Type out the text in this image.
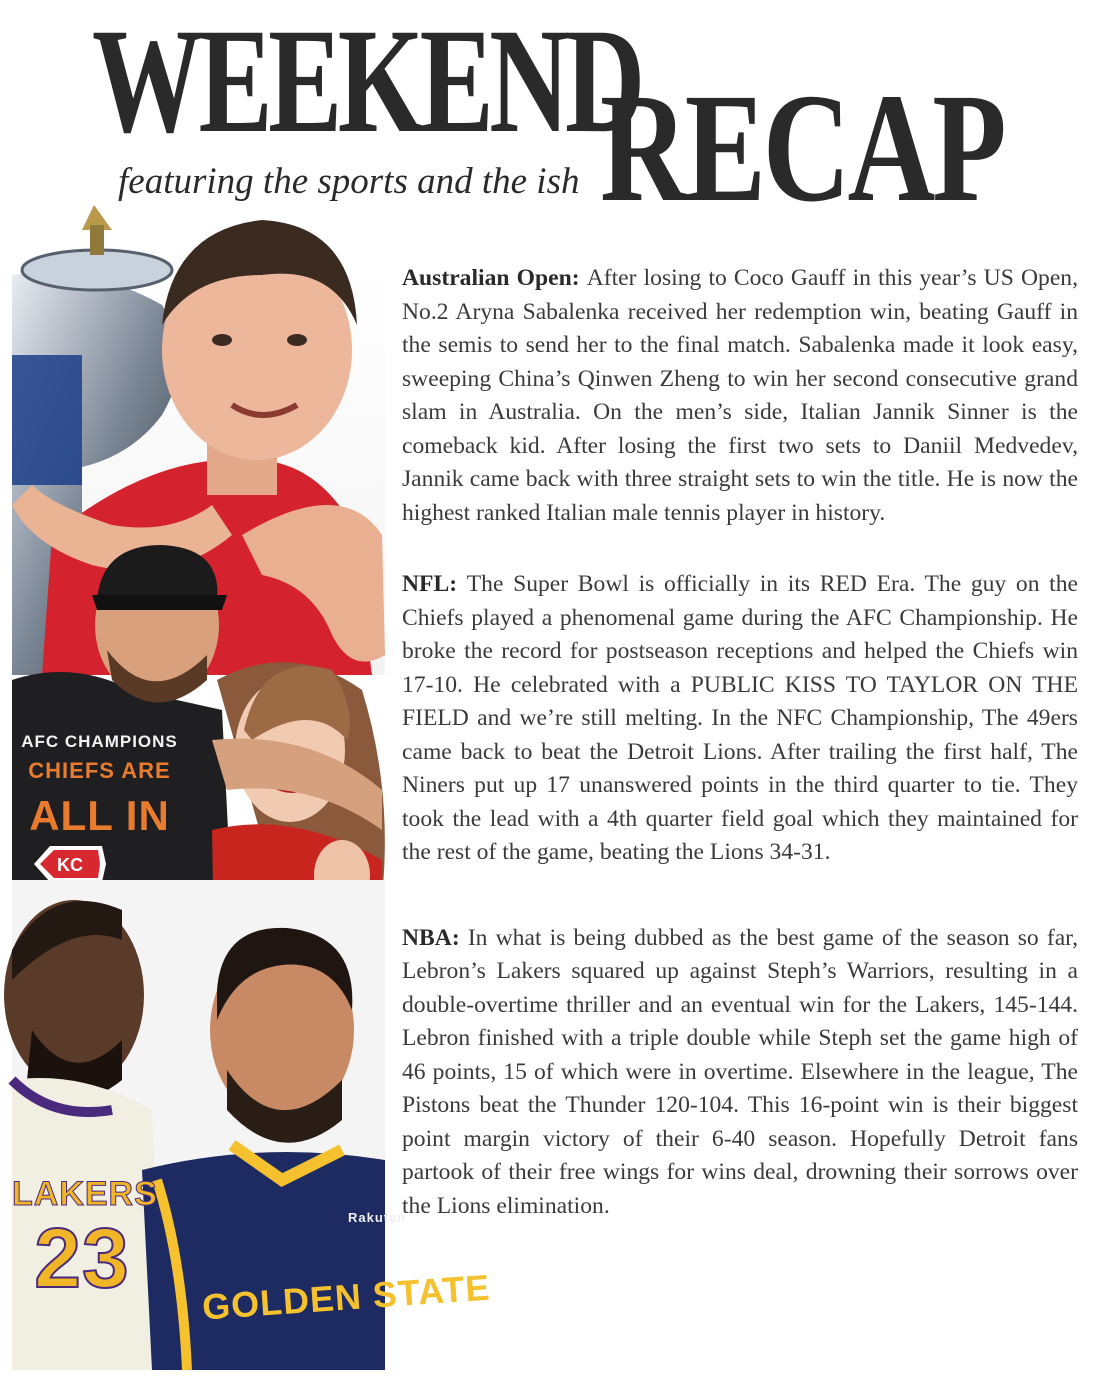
WEEKEND
RECAP
featuring the sports and the ish
AFC CHAMPIONS
CHIEFS ARE
ALL IN
KC
LAKERS
23	GOLDEN STATE
Rakuten

Australian Open: After losing to Coco Gauff in this year’s US Open, No.2 Aryna Sabalenka received her redemption win, beating Gauff in the semis to send her to the final match. Sabalenka made it look easy, sweeping China’s Qinwen Zheng to win her second consecutive grand slam in Australia. On the men’s side, Italian Jannik Sinner is the comeback kid. After losing the first two sets to Daniil Medvedev, Jannik came back with three straight sets to win the title. He is now the highest ranked Italian male tennis player in history.

NFL: The Super Bowl is officially in its RED Era. The guy on the Chiefs played a phenomenal game during the AFC Championship. He broke the record for postseason receptions and helped the Chiefs win 17-10. He celebrated with a PUBLIC KISS TO TAYLOR ON THE FIELD and we’re still melting. In the NFC Championship, The 49ers came back to beat the Detroit Lions. After trailing the first half, The Niners put up 17 unanswered points in the third quarter to tie. They took the lead with a 4th quarter field goal which they maintained for the rest of the game, beating the Lions 34-31.

NBA: In what is being dubbed as the best game of the season so far, Lebron’s Lakers squared up against Steph’s Warriors, resulting in a double-overtime thriller and an eventual win for the Lakers, 145-144. Lebron finished with a triple double while Steph set the game high of 46 points, 15 of which were in overtime. Elsewhere in the league, The Pistons beat the Thunder 120-104. This 16-point win is their biggest point margin victory of their 6-40 season. Hopefully Detroit fans partook of their free wings for wins deal, drowning their sorrows over the Lions elimination.
